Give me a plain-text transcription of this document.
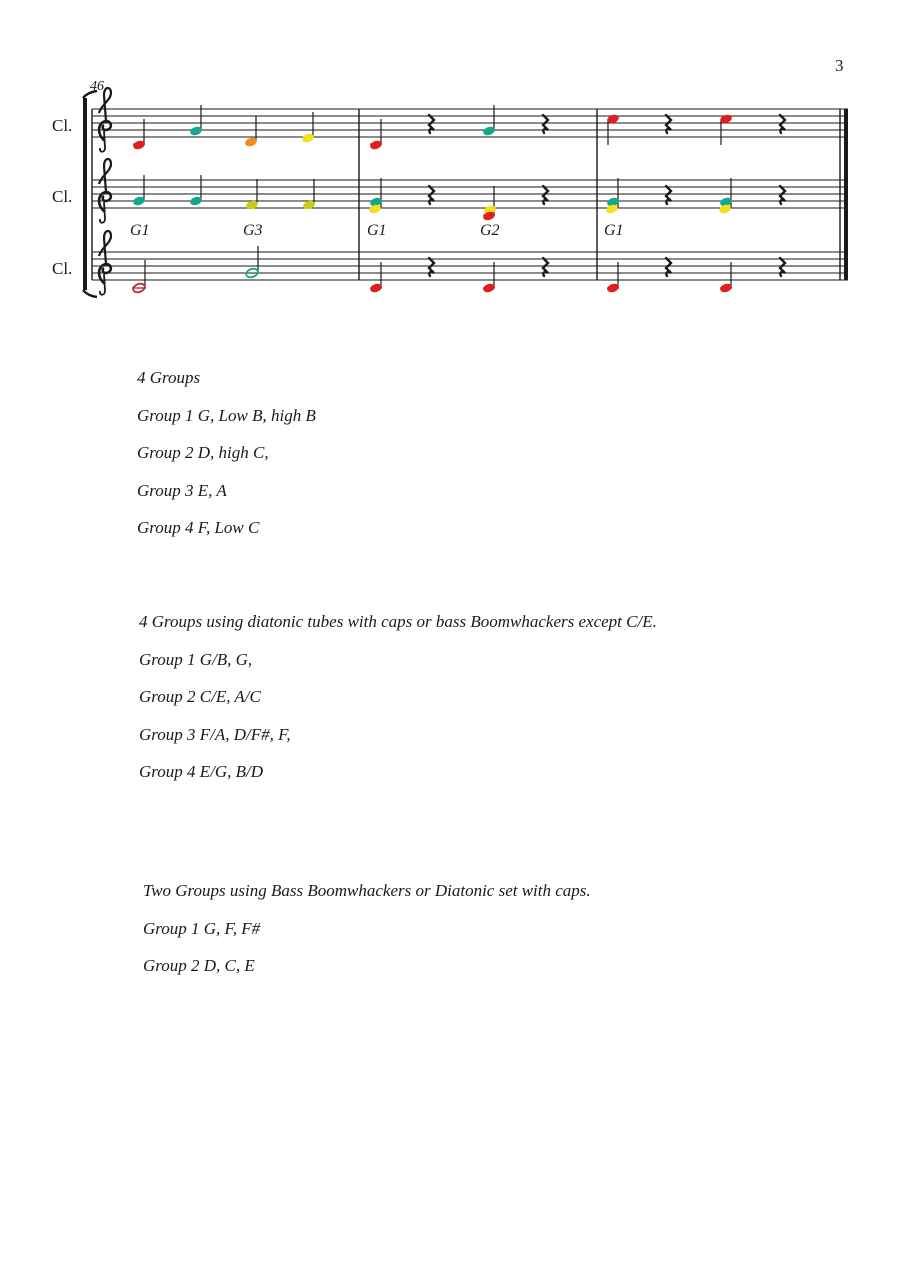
3
46
Cl.
Cl.
Cl.
G1	G3	G1	G2	G1

4 Groups

Group 1 G, Low B, high B

Group 2 D, high C,

Group 3 E, A

Group 4 F, Low C

4 Groups using diatonic tubes with caps or bass Boomwhackers except C/E.

Group 1 G/B, G,

Group 2 C/E, A/C

Group 3 F/A, D/F#, F,

Group 4 E/G, B/D

Two Groups using Bass Boomwhackers or Diatonic set with caps.

Group 1 G, F, F#

Group 2 D, C, E
